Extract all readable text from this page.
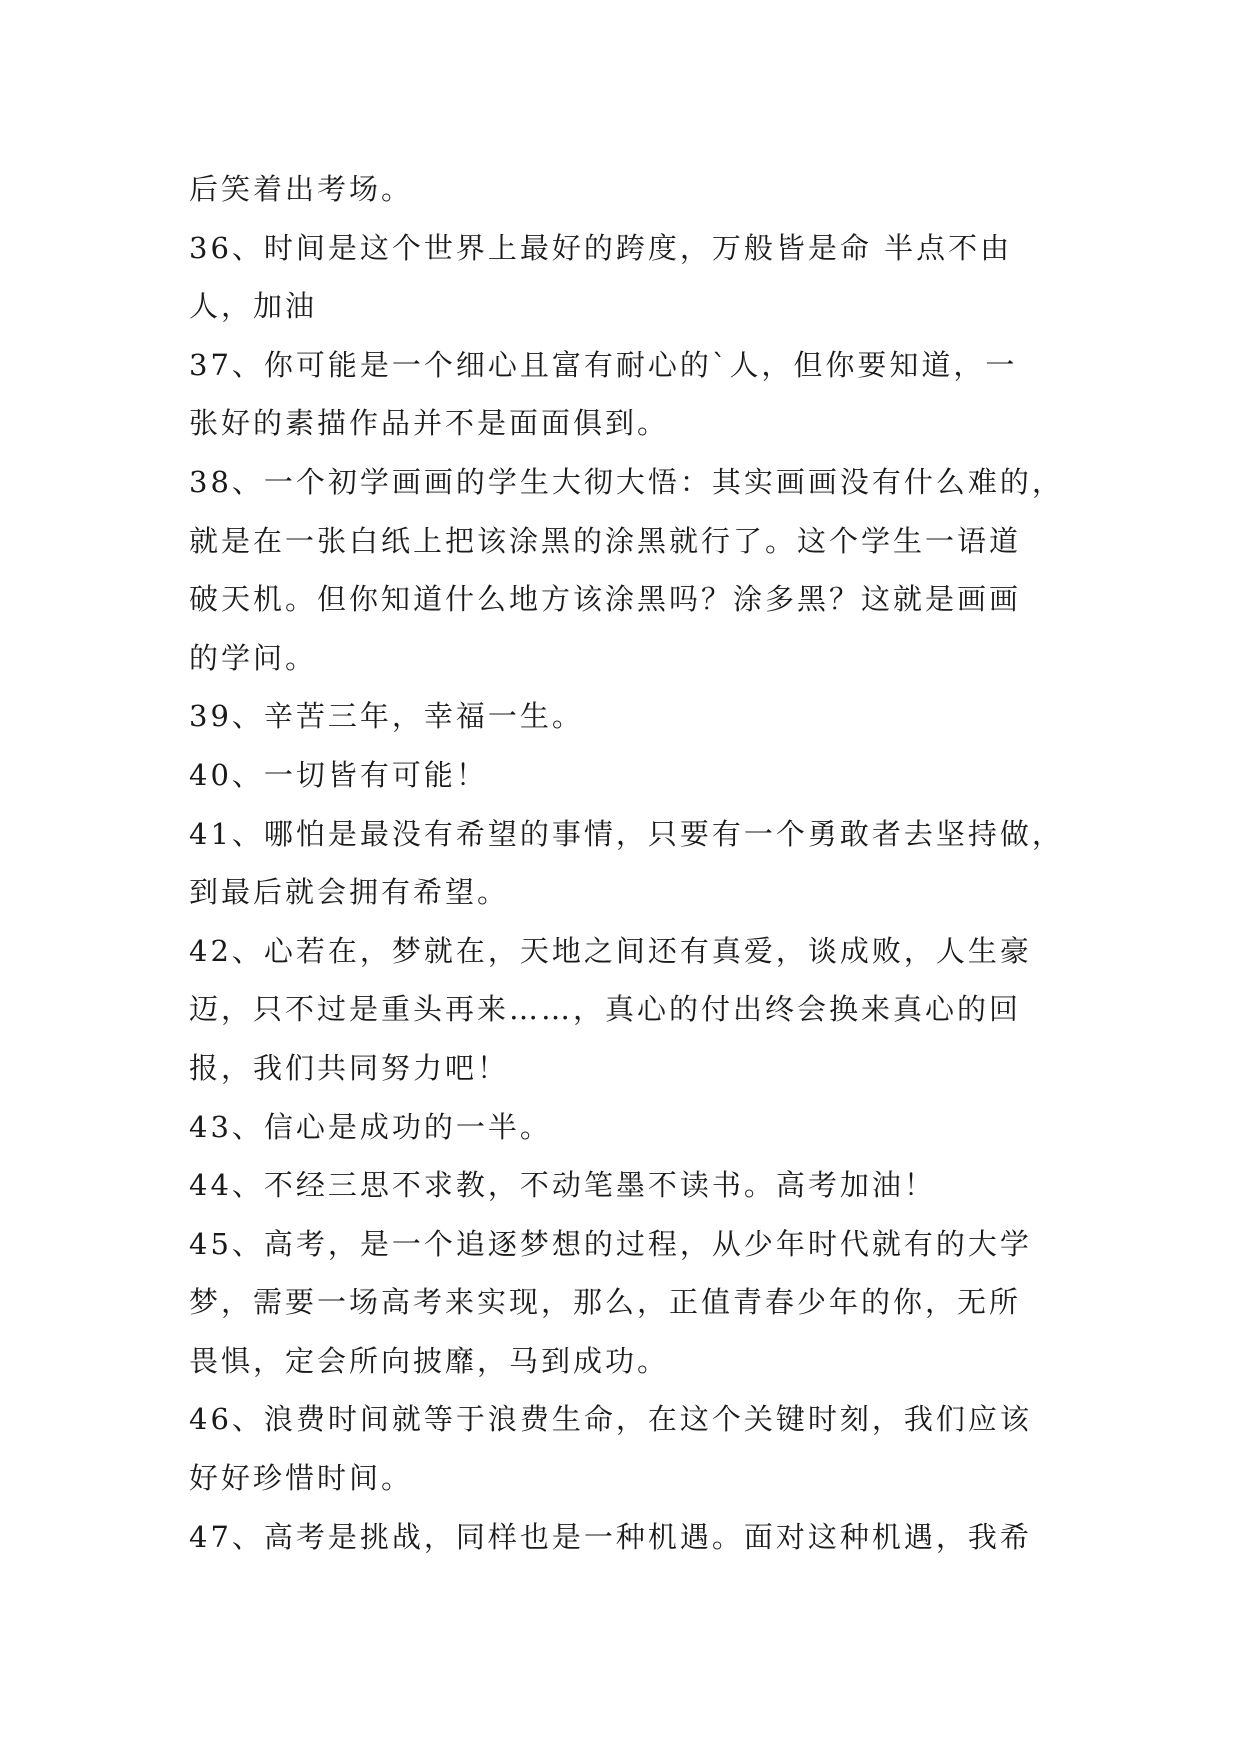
后笑着出考场。
36、时间是这个世界上最好的跨度，万般皆是命 半点不由
人，加油
37、你可能是一个细心且富有耐心的`人，但你要知道，一
张好的素描作品并不是面面俱到。
38、一个初学画画的学生大彻大悟：其实画画没有什么难的，
就是在一张白纸上把该涂黑的涂黑就行了。这个学生一语道
破天机。但你知道什么地方该涂黑吗？涂多黑？这就是画画
的学问。
39、辛苦三年，幸福一生。
40、一切皆有可能！
41、哪怕是最没有希望的事情，只要有一个勇敢者去坚持做，
到最后就会拥有希望。
42、心若在，梦就在，天地之间还有真爱，谈成败，人生豪
迈，只不过是重头再来……，真心的付出终会换来真心的回
报，我们共同努力吧！
43、信心是成功的一半。
44、不经三思不求教，不动笔墨不读书。高考加油！
45、高考，是一个追逐梦想的过程，从少年时代就有的大学
梦，需要一场高考来实现，那么，正值青春少年的你，无所
畏惧，定会所向披靡，马到成功。
46、浪费时间就等于浪费生命，在这个关键时刻，我们应该
好好珍惜时间。
47、高考是挑战，同样也是一种机遇。面对这种机遇，我希
